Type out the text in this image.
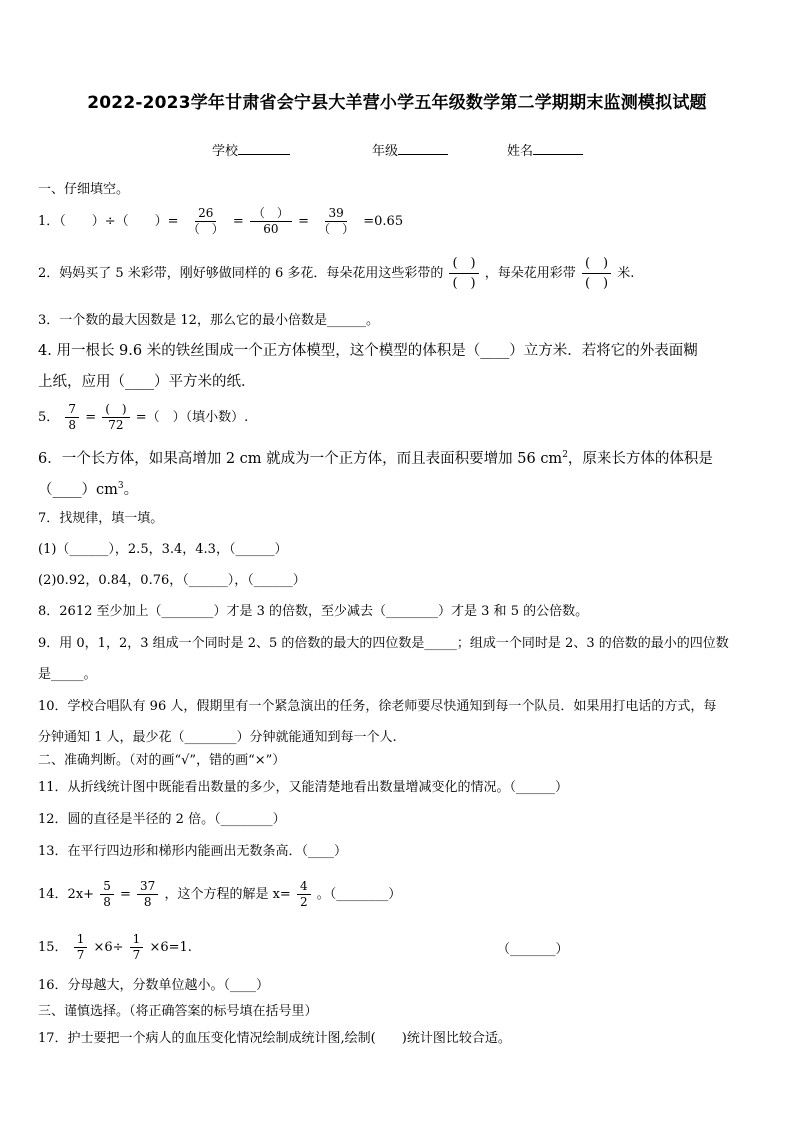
2022-2023学年甘肃省会宁县大羊营小学五年级数学第二学期期末监测模拟试题
学校	年级	姓名
一、仔细填空。
1．（　　）÷（　　）= $\frac{26}{( )} = \frac{( )}{60} = \frac{39}{( )} =0.65$
2．妈妈买了 5 米彩带，刚好够做同样的 6 多花．每朵花用这些彩带的 $\frac{( )}{( )}$ ，每朵花用彩带 $\frac{( )}{( )}$ 米.
3．一个数的最大因数是 12，那么它的最小倍数是______。
4. 用一根长 9.6 米的铁丝围成一个正方体模型，这个模型的体积是（____）立方米．若将它的外表面糊
上纸，应用（____）平方米的纸．
5． $\frac{7}{8} = \frac{( )}{72}$ =（　）（填小数）.
6．一个长方体，如果高增加 2 cm 就成为一个正方体，而且表面积要增加 56 $cm^2$，原来长方体的体积是
$(\_\_\_\_)cm^3$。
7．找规律，填一填。
(1)（______），2.5，3.4，4.3，（______）
(2)0.92，0.84，0.76，（______），（______）
8．2612 至少加上（________）才是 3 的倍数，至少减去（________）才是 3 和 5 的公倍数。
9．用 0，1，2，3 组成一个同时是 2、5 的倍数的最大的四位数是_____；组成一个同时是 2、3 的倍数的最小的四位数
是_____。
10．学校合唱队有 96 人，假期里有一个紧急演出的任务，徐老师要尽快通知到每一个队员．如果用打电话的方式，每
分钟通知 1 人，最少花（________）分钟就能通知到每一个人.
二、准确判断。（对的画“√”，错的画“×”）
11．从折线统计图中既能看出数量的多少，又能清楚地看出数量增减变化的情况。（______）
12．圆的直径是半径的 2 倍。（________）
13．在平行四边形和梯形内能画出无数条高．（____）
14．$2x+ \frac{5}{8} = \frac{37}{8}$ ，这个方程的解是 $x= \frac{4}{2}$ 。（________）
15． $\frac{1}{7} \times 6\div \frac{1}{7} \times 6=1$.	（_______）
16．分母越大，分数单位越小。（____）
三、谨慎选择。（将正确答案的标号填在括号里）
17．护士要把一个病人的血压变化情况绘制成统计图,绘制(　　)统计图比较合适。
